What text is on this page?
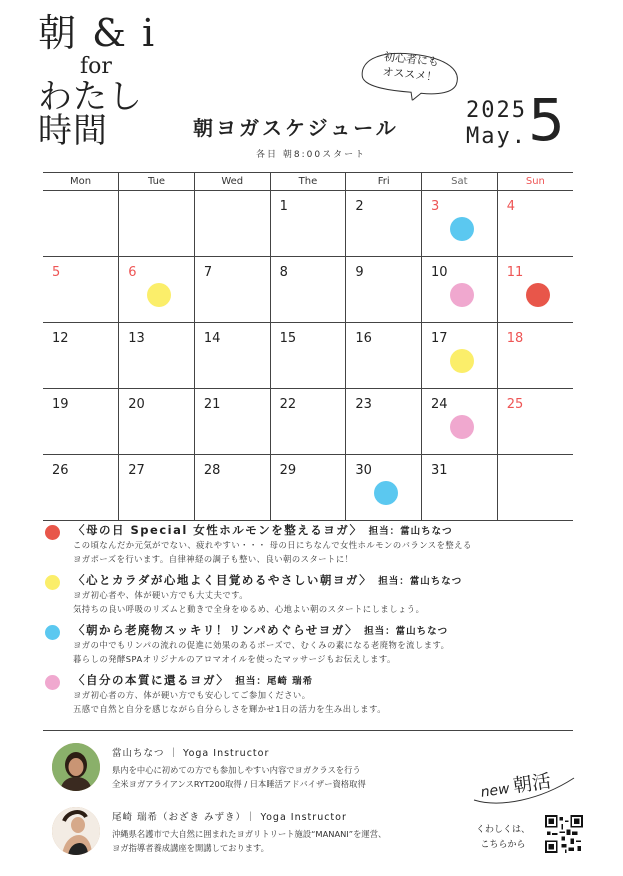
朝 & i
for
わたし時間
初心者にも
オススメ！
朝ヨガスケジュール
各日 朝8:00スタート
2025
May. 5
Mon	Tue	Wed	The	Fri	Sat	Sun

			1	2	3	4

5	6	7	8	9	10	11

12	13	14	15	16	17	18

19	20	21	22	23	24	25

26	27	28	29	30	31	

〈母の日 Special 女性ホルモンを整えるヨガ〉 担当：當山ちなつ
この頃なんだか元気がでない、疲れやすい・・・ 母の日にちなんで女性ホルモンのバランスを整える
ヨガポーズを行います。自律神経の調子も整い、良い朝のスタートに！
〈心とカラダが心地よく目覚めるやさしい朝ヨガ〉 担当：當山ちなつ
ヨガ初心者や、体が硬い方でも大丈夫です。
気持ちの良い呼吸のリズムと動きで全身をゆるめ、心地よい朝のスタートにしましょう。
〈朝から老廃物スッキリ！リンパめぐらせヨガ〉 担当：當山ちなつ
ヨガの中でもリンパの流れの促進に効果のあるポーズで、むくみの素になる老廃物を流します。
暮らしの発酵SPAオリジナルのアロマオイルを使ったマッサージもお伝えします。
〈自分の本質に還るヨガ〉 担当：尾崎 瑞希
ヨガ初心者の方、体が硬い方でも安心してご参加ください。
五感で自然と自分を感じながら自分らしさを輝かせ1日の活力を生み出します。
當山ちなつ ｜ Yoga Instructor
県内を中心に初めての方でも参加しやすい内容でヨガクラスを行う
全米ヨガアライアンスRYT200取得 / 日本睡活アドバイザー資格取得
尾崎 瑞希（おざき みずき）｜ Yoga Instructor
沖縄県名護市で大自然に囲まれたヨガリトリート施設“MANANI”を運営、
ヨガ指導者養成講座を開講しております。
new朝活
くわしくは、
こちらから
